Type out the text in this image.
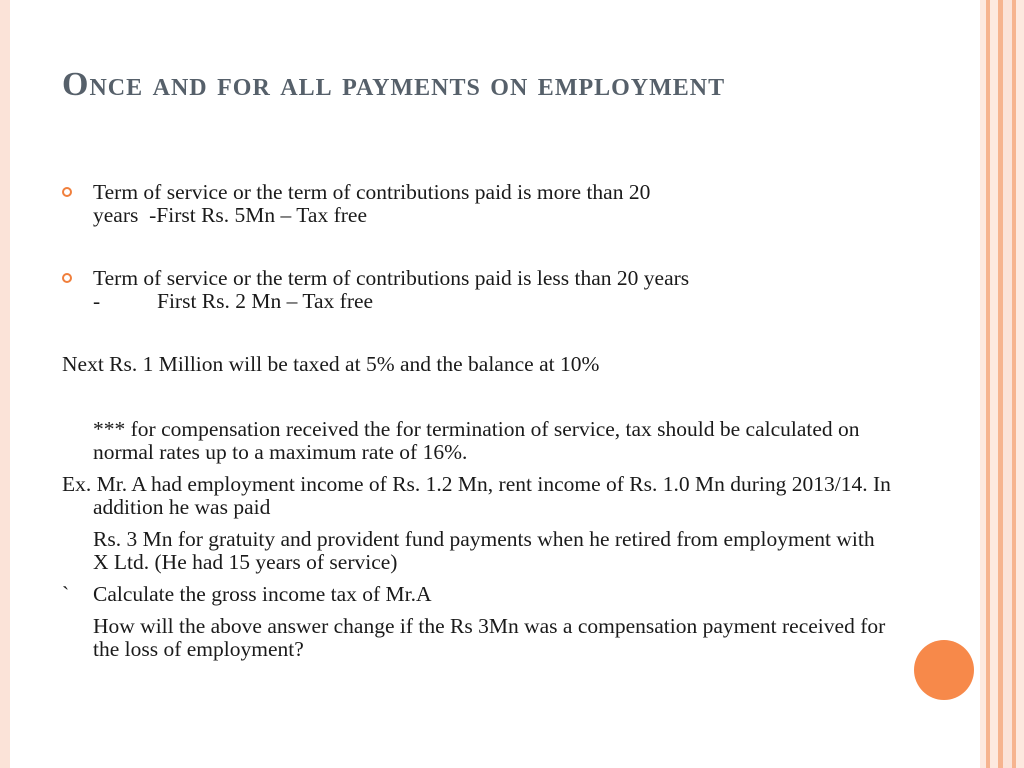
Once and for all payments on employment
Term of service or the term of contributions paid is more than 20
years -First Rs. 5Mn – Tax free
Term of service or the term of contributions paid is less than 20 years
-	First Rs. 2 Mn – Tax free
Next Rs. 1 Million will be taxed at 5% and the balance at 10%
*** for compensation received the for termination of service, tax should be calculated on normal rates up to a maximum rate of 16%.
Ex. Mr. A had employment income of Rs. 1.2 Mn, rent income of Rs. 1.0 Mn during 2013/14. In addition he was paid
Rs. 3 Mn for gratuity and provident fund payments when he retired from employment with X Ltd. (He had 15 years of service)
` Calculate the gross income tax of Mr.A
How will the above answer change if the Rs 3Mn was a compensation payment received for the loss of employment?
